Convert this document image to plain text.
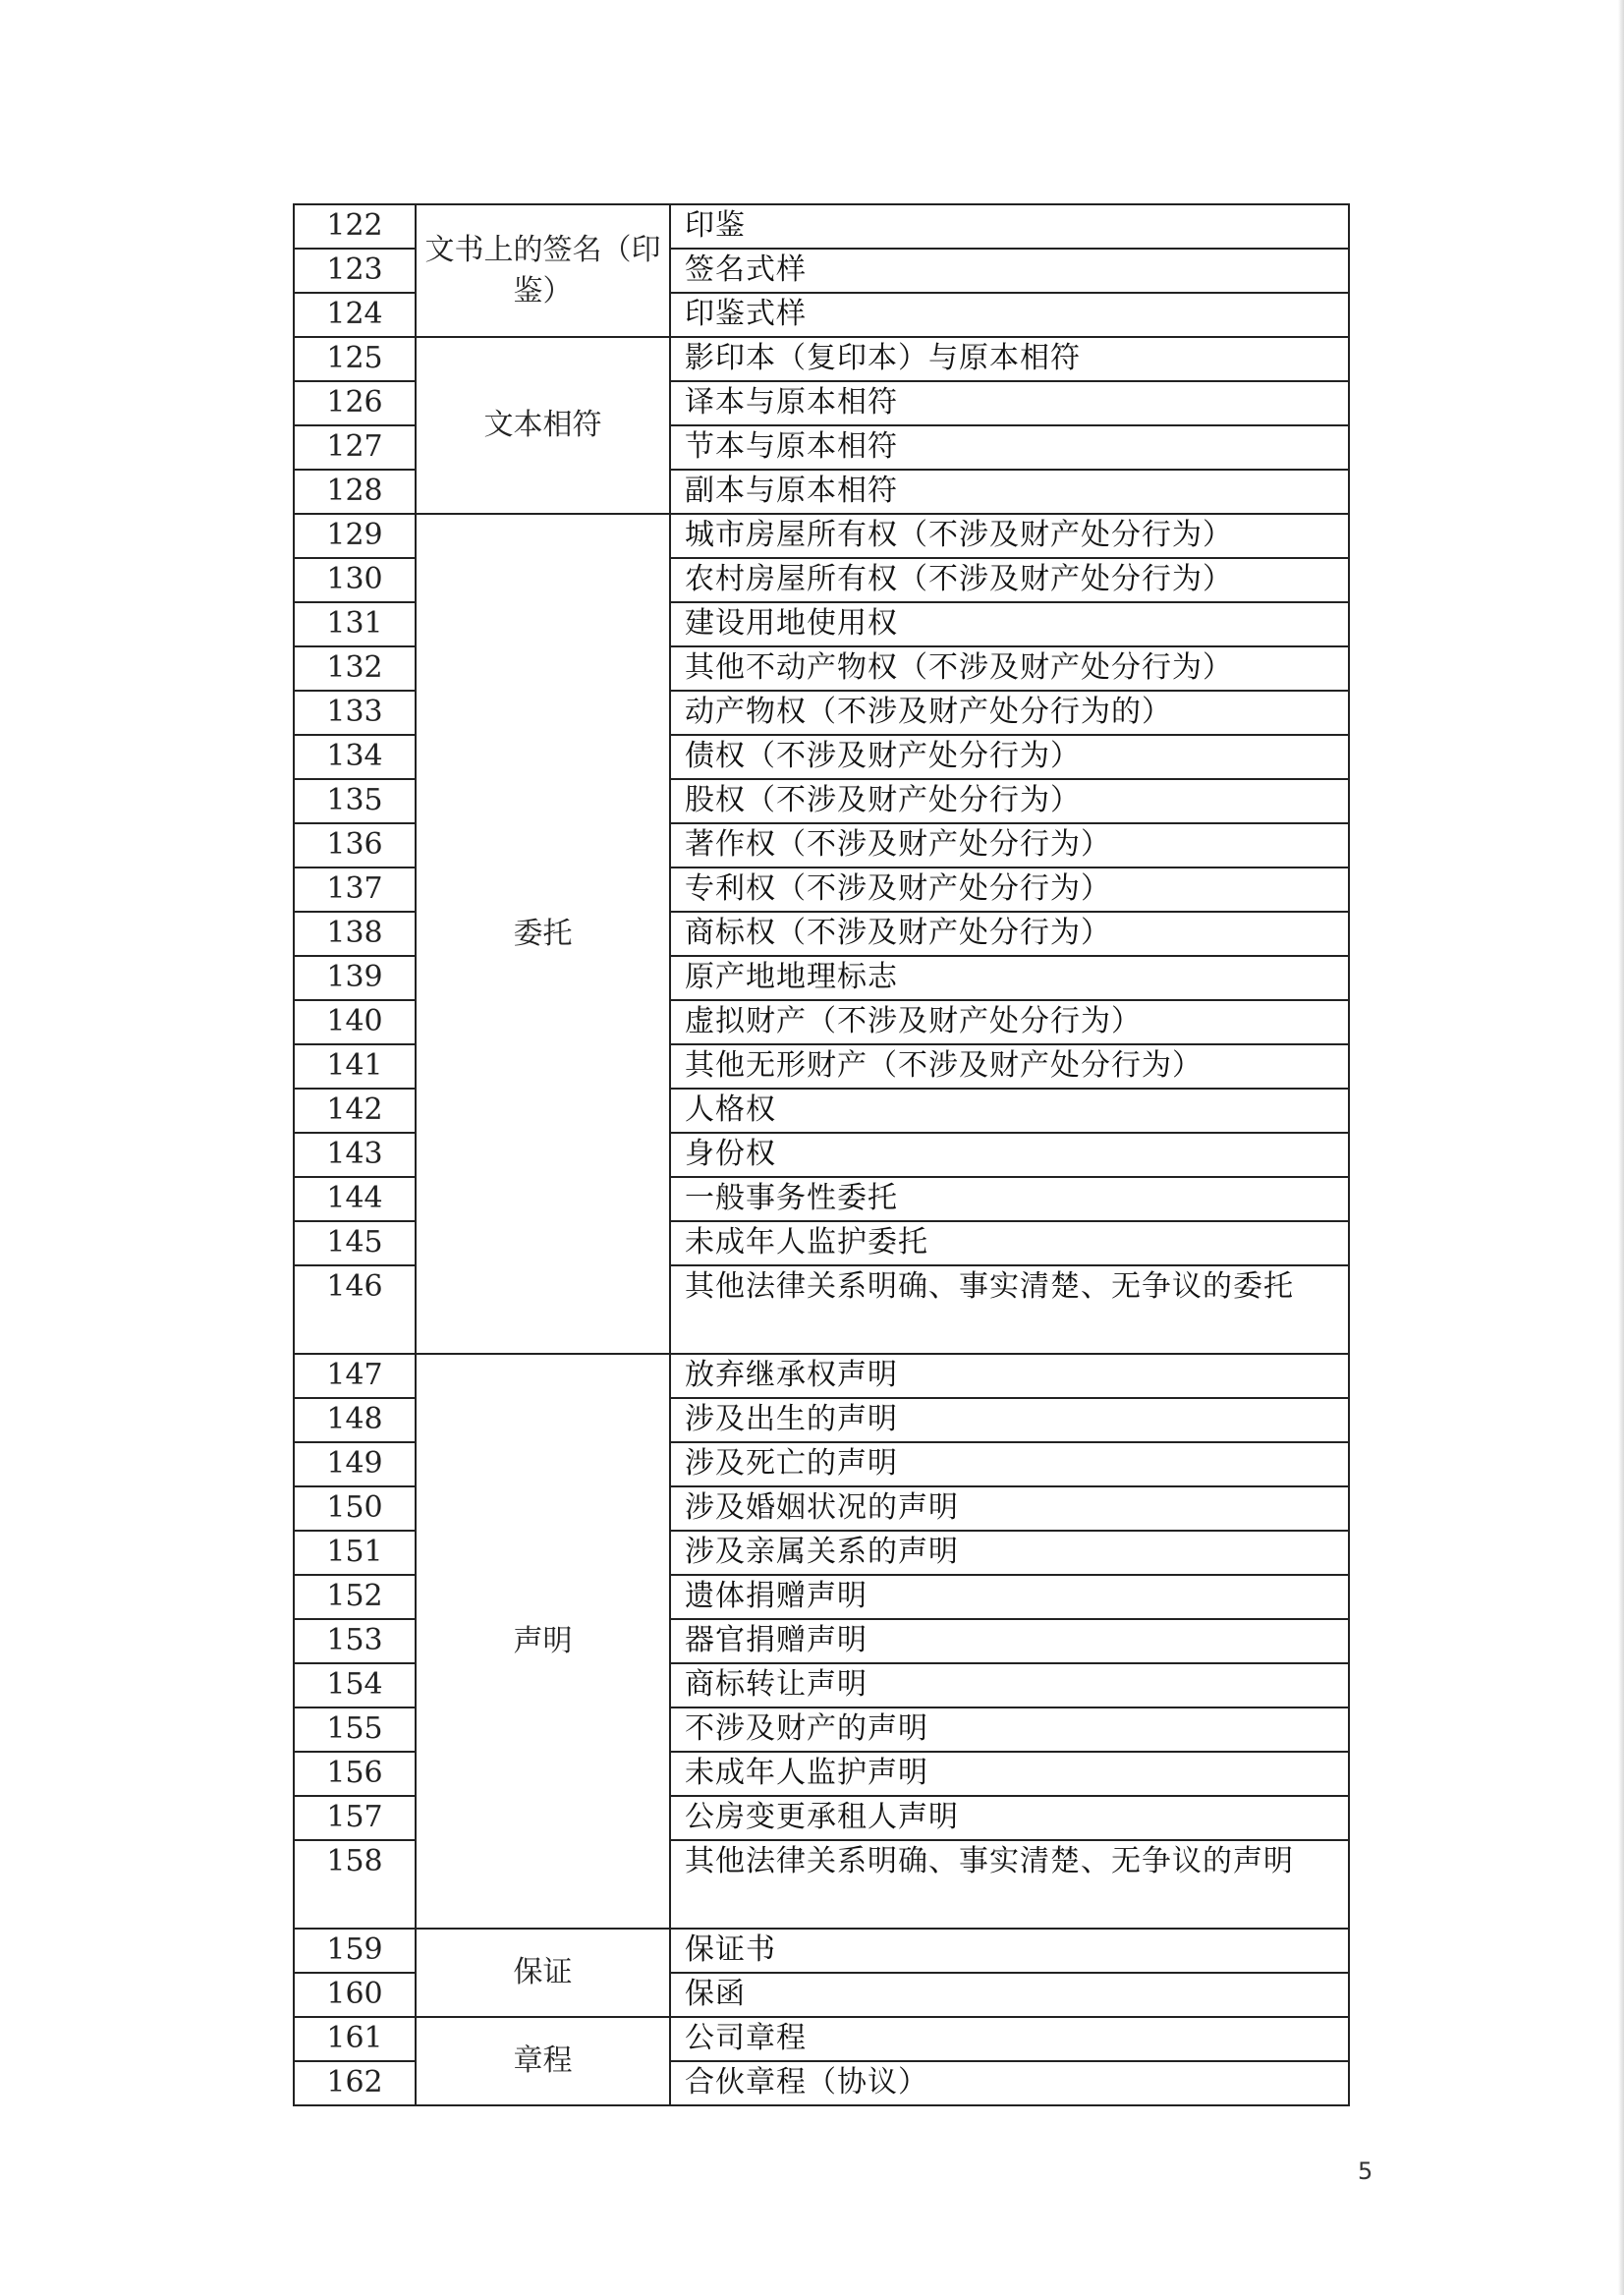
122	文书上的签名（印鉴）	印鉴
123		签名式样
124		印鉴式样
125	文本相符	影印本（复印本）与原本相符
126		译本与原本相符
127		节本与原本相符
128		副本与原本相符
129	委托	城市房屋所有权（不涉及财产处分行为）
130		农村房屋所有权（不涉及财产处分行为）
131		建设用地使用权
132		其他不动产物权（不涉及财产处分行为）
133		动产物权（不涉及财产处分行为的）
134		债权（不涉及财产处分行为）
135		股权（不涉及财产处分行为）
136		著作权（不涉及财产处分行为）
137		专利权（不涉及财产处分行为）
138		商标权（不涉及财产处分行为）
139		原产地地理标志
140		虚拟财产（不涉及财产处分行为）
141		其他无形财产（不涉及财产处分行为）
142		人格权
143		身份权
144		一般事务性委托
145		未成年人监护委托
146		其他法律关系明确、事实清楚、无争议的委托
147	声明	放弃继承权声明
148		涉及出生的声明
149		涉及死亡的声明
150		涉及婚姻状况的声明
151		涉及亲属关系的声明
152		遗体捐赠声明
153		器官捐赠声明
154		商标转让声明
155		不涉及财产的声明
156		未成年人监护声明
157		公房变更承租人声明
158		其他法律关系明确、事实清楚、无争议的声明
159	保证	保证书
160		保函
161	章程	公司章程
162		合伙章程（协议）
5
